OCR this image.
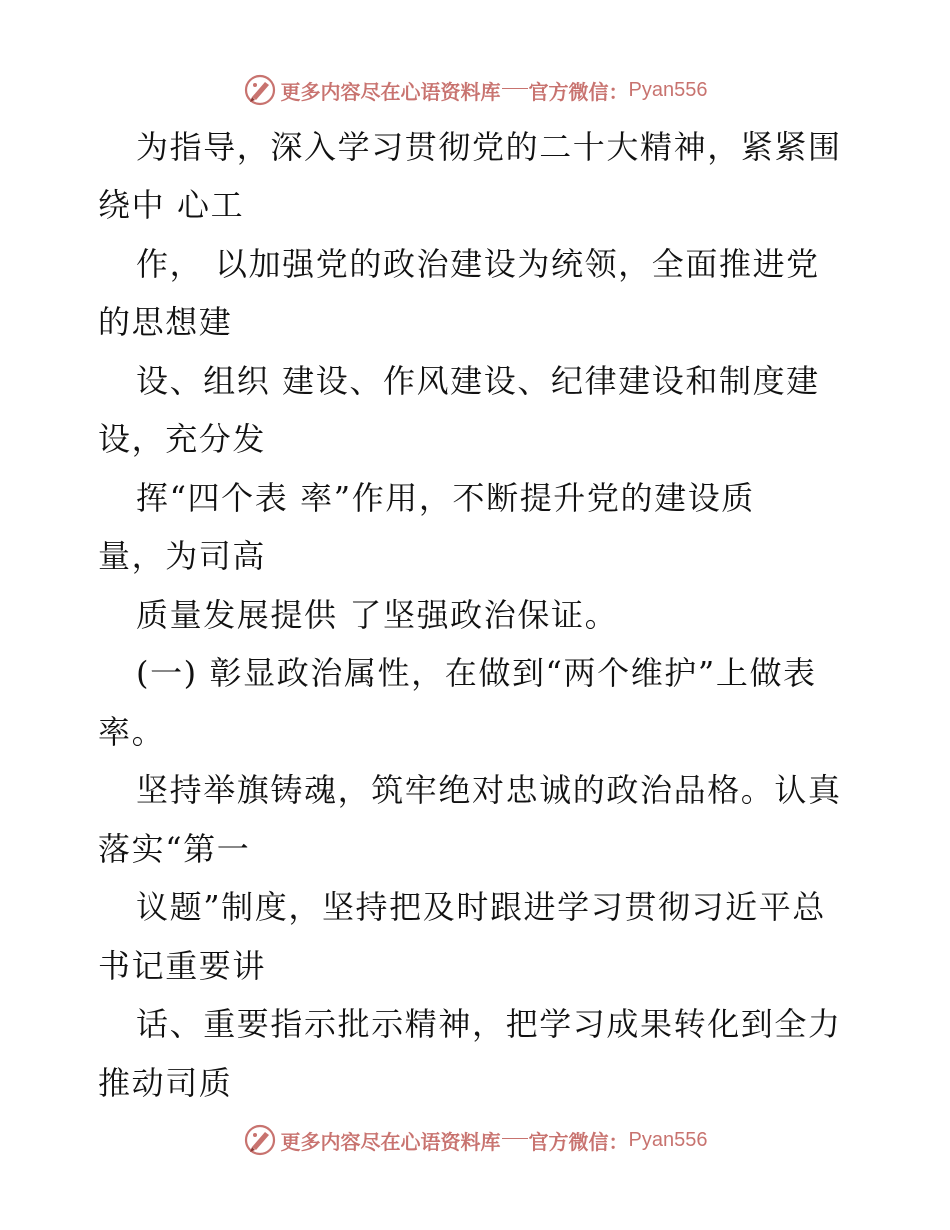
更多内容尽在心语资料库 官方微信： Pyan556
为指导，深入学习贯彻党的二十大精神，紧紧围
绕中 心工
作， 以加强党的政治建设为统领，全面推进党
的思想建
设、组织 建设、作风建设、纪律建设和制度建
设，充分发
挥“四个表 率”作用，不断提升党的建设质
量，为司高
质量发展提供 了坚强政治保证。
(一) 彰显政治属性，在做到“两个维护”上做表
率。
坚持举旗铸魂，筑牢绝对忠诚的政治品格。认真
落实“第一
议题”制度，坚持把及时跟进学习贯彻习近平总
书记重要讲
话、重要指示批示精神，把学习成果转化到全力
推动司质
更多内容尽在心语资料库 官方微信： Pyan556
